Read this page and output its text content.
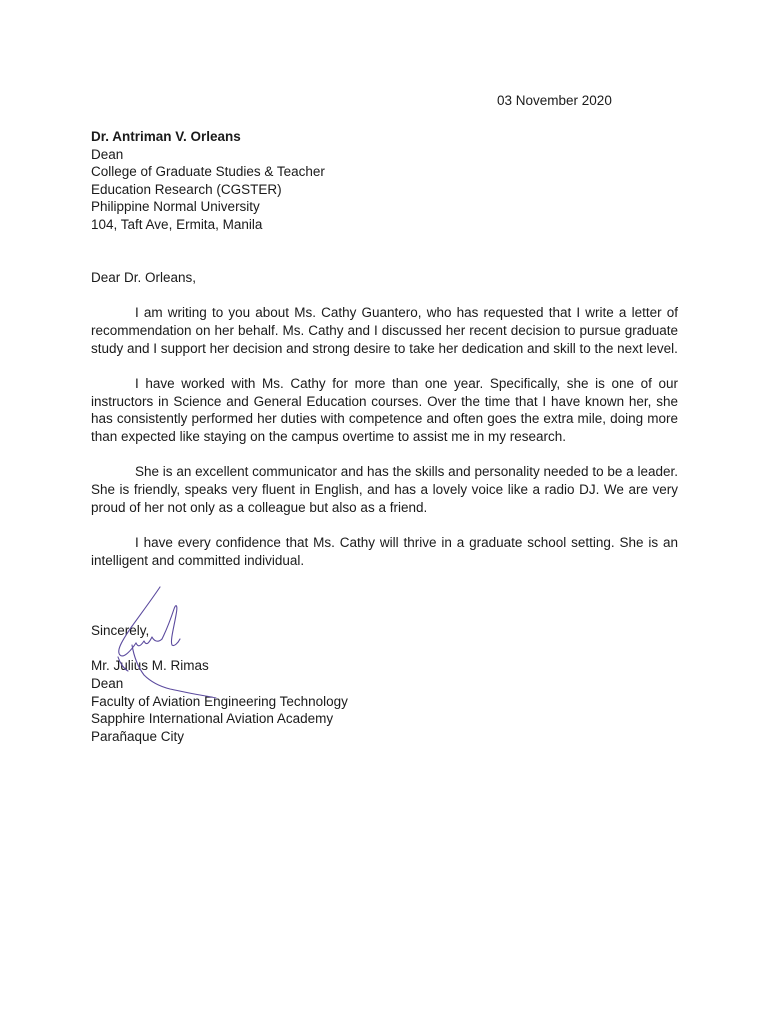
03 November 2020
Dr. Antriman V. Orleans
Dean
College of Graduate Studies & Teacher
Education Research (CGSTER)
Philippine Normal University
104, Taft Ave, Ermita, Manila
Dear Dr. Orleans,

I am writing to you about Ms. Cathy Guantero, who has requested that I write a letter of recommendation on her behalf. Ms. Cathy and I discussed her recent decision to pursue graduate study and I support her decision and strong desire to take her dedication and skill to the next level.

I have worked with Ms. Cathy for more than one year. Specifically, she is one of our instructors in Science and General Education courses. Over the time that I have known her, she has consistently performed her duties with competence and often goes the extra mile, doing more than expected like staying on the campus overtime to assist me in my research.

She is an excellent communicator and has the skills and personality needed to be a leader. She is friendly, speaks very fluent in English, and has a lovely voice like a radio DJ. We are very proud of her not only as a colleague but also as a friend.

I have every confidence that Ms. Cathy will thrive in a graduate school setting. She is an intelligent and committed individual.

Sincerely,
Mr. Julius M. Rimas
Dean
Faculty of Aviation Engineering Technology
Sapphire International Aviation Academy
Parañaque City
